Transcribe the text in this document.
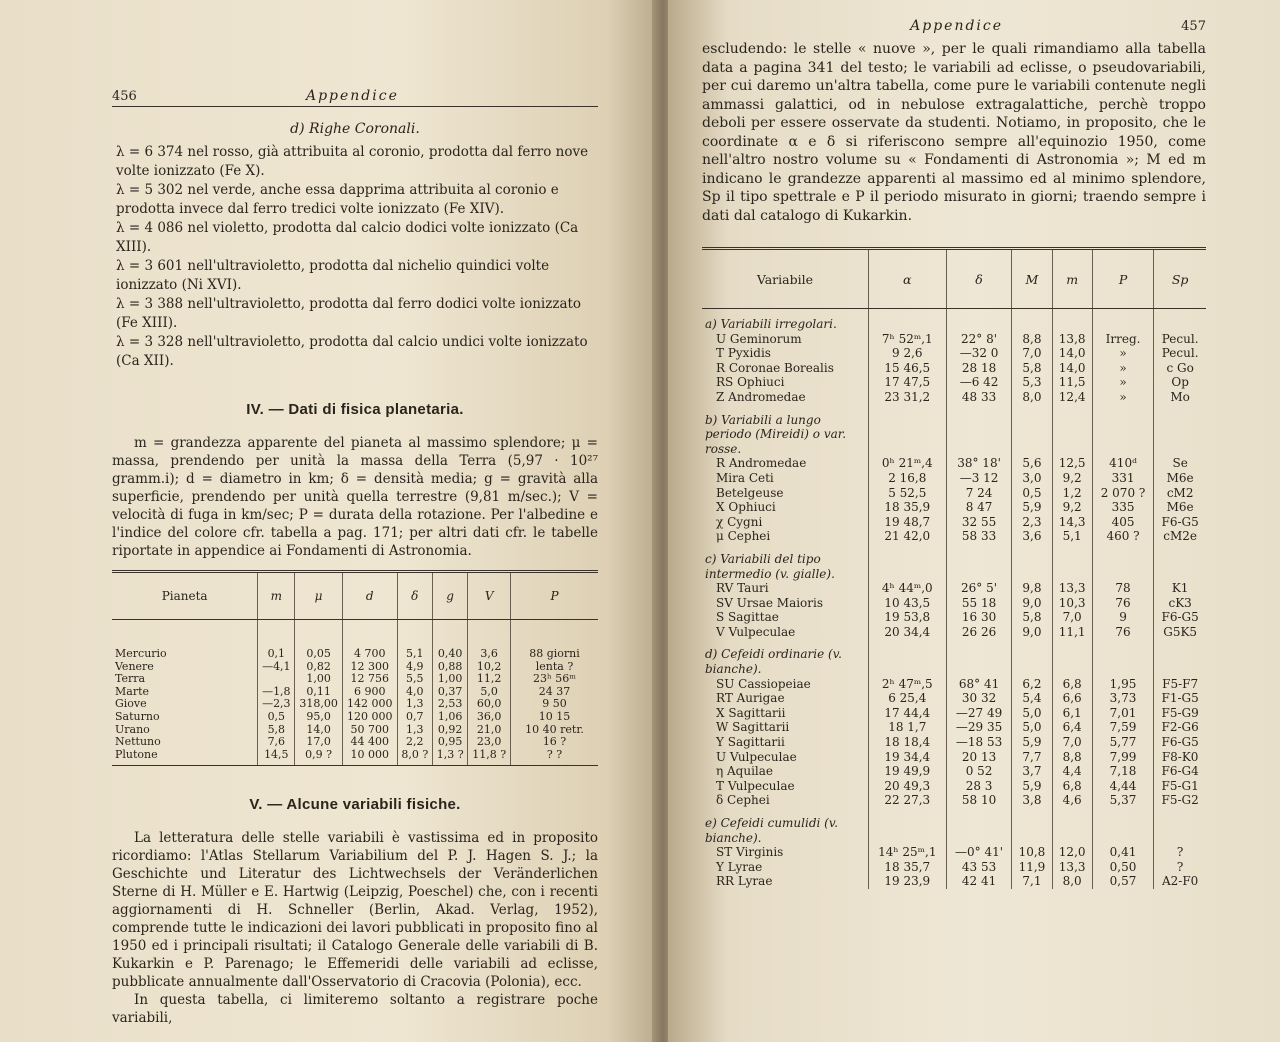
456	Appendice
d) Righe Coronali.
λ = 6 374 nel rosso, già attribuita al coronio, prodotta dal ferro nove volte ionizzato (Fe X).
λ = 5 302 nel verde, anche essa dapprima attribuita al coronio e prodotta invece dal ferro tredici volte ionizzato (Fe XIV).
λ = 4 086 nel violetto, prodotta dal calcio dodici volte ionizzato (Ca XIII).
λ = 3 601 nell'ultravioletto, prodotta dal nichelio quindici volte ionizzato (Ni XVI).
λ = 3 388 nell'ultravioletto, prodotta dal ferro dodici volte ionizzato (Fe XIII).
λ = 3 328 nell'ultravioletto, prodotta dal calcio undici volte ionizzato (Ca XII).
IV. — Dati di fisica planetaria.

m = grandezza apparente del pianeta al massimo splendore; μ = massa, prendendo per unità la massa della Terra (5,97 · 10²⁷ gramm.i); d = diametro in km; δ = densità media; g = gravità alla superficie, prendendo per unità quella terrestre (9,81 m/sec.); V = velocità di fuga in km/sec; P = durata della rotazione. Per l'albedine e l'indice del colore cfr. tabella a pag. 171; per altri dati cfr. le tabelle riportate in appendice ai Fondamenti di Astronomia.

Pianeta	m	μ	d	δ	g	V	P
Mercurio	0,1	0,05	4 700	5,1	0,40	3,6	88 giorni
Venere	—4,1	0,82	12 300	4,9	0,88	10,2	lenta ?
Terra		1,00	12 756	5,5	1,00	11,2	23ʰ 56ᵐ
Marte	—1,8	0,11	6 900	4,0	0,37	5,0	24 37
Giove	—2,3	318,00	142 000	1,3	2,53	60,0	9 50
Saturno	0,5	95,0	120 000	0,7	1,06	36,0	10 15
Urano	5,8	14,0	50 700	1,3	0,92	21,0	10 40 retr.
Nettuno	7,6	17,0	44 400	2,2	0,95	23,0	16 ?
Plutone	14,5	0,9 ?	10 000	8,0 ?	1,3 ?	11,8 ?	? ?
V. — Alcune variabili fisiche.

La letteratura delle stelle variabili è vastissima ed in proposito ricordiamo: l'Atlas Stellarum Variabilium del P. J. Hagen S. J.; la Geschichte und Literatur des Lichtwechsels der Veränderlichen Sterne di H. Müller e E. Hartwig (Leipzig, Poeschel) che, con i recenti aggiornamenti di H. Schneller (Berlin, Akad. Verlag, 1952), comprende tutte le indicazioni dei lavori pubblicati in proposito fino al 1950 ed i principali risultati; il Catalogo Generale delle variabili di B. Kukarkin e P. Parenago; le Effemeridi delle variabili ad eclisse, pubblicate annualmente dall'Osservatorio di Cracovia (Polonia), ecc.

In questa tabella, ci limiteremo soltanto a registrare poche variabili,

Appendice	457

escludendo: le stelle « nuove », per le quali rimandiamo alla tabella data a pagina 341 del testo; le variabili ad eclisse, o pseudovariabili, per cui daremo un'altra tabella, come pure le variabili contenute negli ammassi galattici, od in nebulose extragalattiche, perchè troppo deboli per essere osservate da studenti. Notiamo, in proposito, che le coordinate α e δ si riferiscono sempre all'equinozio 1950, come nell'altro nostro volume su « Fondamenti di Astronomia »; M ed m indicano le grandezze apparenti al massimo ed al minimo splendore, Sp il tipo spettrale e P il periodo misurato in giorni; traendo sempre i dati dal catalogo di Kukarkin.

Variabile	α	δ	M	m	P	Sp
a) Variabili irregolari.						
U Geminorum	7ʰ 52ᵐ,1	22° 8'	8,8	13,8	Irreg.	Pecul.
T Pyxidis	9 2,6	—32 0	7,0	14,0	»	Pecul.
R Coronae Borealis	15 46,5	28 18	5,8	14,0	»	c Go
RS Ophiuci	17 47,5	—6 42	5,3	11,5	»	Op
Z Andromedae	23 31,2	48 33	8,0	12,4	»	Mo
b) Variabili a lungo periodo (Mireidi) o var. rosse.						
R Andromedae	0ʰ 21ᵐ,4	38° 18'	5,6	12,5	410ᵈ	Se
Mira Ceti	2 16,8	—3 12	3,0	9,2	331	M6e
Betelgeuse	5 52,5	7 24	0,5	1,2	2 070 ?	cM2
X Ophiuci	18 35,9	8 47	5,9	9,2	335	M6e
χ Cygni	19 48,7	32 55	2,3	14,3	405	F6-G5
μ Cephei	21 42,0	58 33	3,6	5,1	460 ?	cM2e
c) Variabili del tipo intermedio (v. gialle).						
RV Tauri	4ʰ 44ᵐ,0	26° 5'	9,8	13,3	78	K1
SV Ursae Maioris	10 43,5	55 18	9,0	10,3	76	cK3
S Sagittae	19 53,8	16 30	5,8	7,0	9	F6-G5
V Vulpeculae	20 34,4	26 26	9,0	11,1	76	G5K5
d) Cefeidi ordinarie (v. bianche).						
SU Cassiopeiae	2ʰ 47ᵐ,5	68° 41	6,2	6,8	1,95	F5-F7
RT Aurigae	6 25,4	30 32	5,4	6,6	3,73	F1-G5
X Sagittarii	17 44,4	—27 49	5,0	6,1	7,01	F5-G9
W Sagittarii	18 1,7	—29 35	5,0	6,4	7,59	F2-G6
Y Sagittarii	18 18,4	—18 53	5,9	7,0	5,77	F6-G5
U Vulpeculae	19 34,4	20 13	7,7	8,8	7,99	F8-K0
η Aquilae	19 49,9	0 52	3,7	4,4	7,18	F6-G4
T Vulpeculae	20 49,3	28 3	5,9	6,8	4,44	F5-G1
δ Cephei	22 27,3	58 10	3,8	4,6	5,37	F5-G2
e) Cefeidi cumulidi (v. bianche).						
ST Virginis	14ʰ 25ᵐ,1	—0° 41'	10,8	12,0	0,41	?
Y Lyrae	18 35,7	43 53	11,9	13,3	0,50	?
RR Lyrae	19 23,9	42 41	7,1	8,0	0,57	A2-F0
